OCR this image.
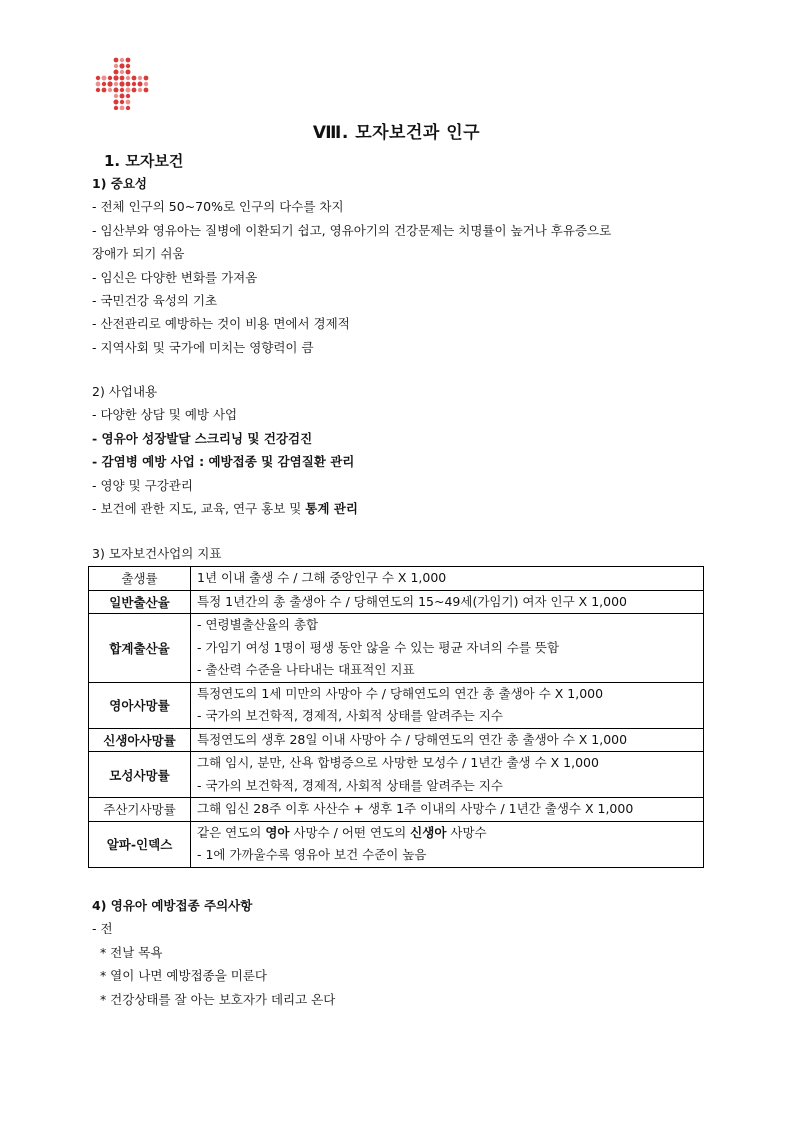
Ⅷ. 모자보건과 인구
1. 모자보건
1) 중요성
- 전체 인구의 50~70%로 인구의 다수를 차지
- 임산부와 영유아는 질병에 이환되기 쉽고, 영유아기의 건강문제는 치명률이 높거나 후유증으로
장애가 되기 쉬움
- 임신은 다양한 변화를 가져옴
- 국민건강 육성의 기초
- 산전관리로 예방하는 것이 비용 면에서 경제적
- 지역사회 및 국가에 미치는 영향력이 큼
2) 사업내용
- 다양한 상담 및 예방 사업
- 영유아 성장발달 스크리닝 및 건강검진
- 감염병 예방 사업 : 예방접종 및 감염질환 관리
- 영양 및 구강관리
- 보건에 관한 지도, 교육, 연구 홍보 및 통계 관리
3) 모자보건사업의 지표
출생률	1년 이내 출생 수 / 그해 중앙인구 수 X 1,000

일반출산율	특정 1년간의 총 출생아 수 / 당해연도의 15~49세(가임기) 여자 인구 X 1,000

합계출산율	- 연령별출산율의 총합
- 가임기 여성 1명이 평생 동안 않을 수 있는 평균 자녀의 수를 뜻함
- 출산력 수준을 나타내는 대표적인 지표

영아사망률	특정연도의 1세 미만의 사망아 수 / 당해연도의 연간 총 출생아 수 X 1,000
- 국가의 보건학적, 경제적, 사회적 상태를 알려주는 지수

신생아사망률	특정연도의 생후 28일 이내 사망아 수 / 당해연도의 연간 총 출생아 수 X 1,000

모성사망률	그해 임시, 분만, 산욕 합병증으로 사망한 모성수 / 1년간 출생 수 X 1,000
- 국가의 보건학적, 경제적, 사회적 상태를 알려주는 지수

주산기사망률	그해 임신 28주 이후 사산수 + 생후 1주 이내의 사망수 / 1년간 출생수 X 1,000

알파-인덱스	같은 연도의 영아 사망수 / 어떤 연도의 신생아 사망수
- 1에 가까울수록 영유아 보건 수준이 높음
4) 영유아 예방접종 주의사항
- 전
* 전날 목욕
* 열이 나면 예방접종을 미룬다
* 건강상태를 잘 아는 보호자가 데리고 온다
